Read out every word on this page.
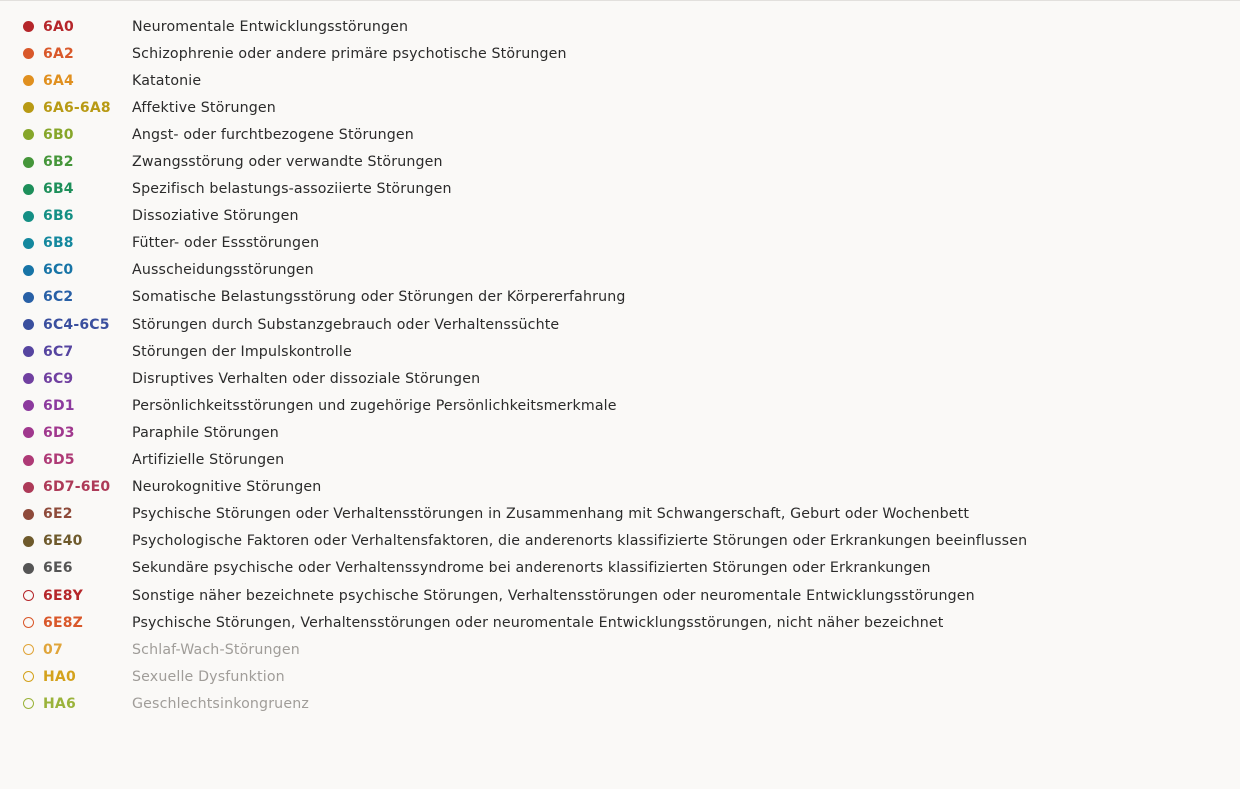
6A0	Neuromentale Entwicklungsstörungen
6A2	Schizophrenie oder andere primäre psychotische Störungen
6A4	Katatonie
6A6-6A8	Affektive Störungen
6B0	Angst- oder furchtbezogene Störungen
6B2	Zwangsstörung oder verwandte Störungen
6B4	Spezifisch belastungs-assoziierte Störungen
6B6	Dissoziative Störungen
6B8	Fütter- oder Essstörungen
6C0	Ausscheidungsstörungen
6C2	Somatische Belastungsstörung oder Störungen der Körpererfahrung
6C4-6C5	Störungen durch Substanzgebrauch oder Verhaltenssüchte
6C7	Störungen der Impulskontrolle
6C9	Disruptives Verhalten oder dissoziale Störungen
6D1	Persönlichkeitsstörungen und zugehörige Persönlichkeitsmerkmale
6D3	Paraphile Störungen
6D5	Artifizielle Störungen
6D7-6E0	Neurokognitive Störungen
6E2	Psychische Störungen oder Verhaltensstörungen in Zusammenhang mit Schwangerschaft, Geburt oder Wochenbett
6E40	Psychologische Faktoren oder Verhaltensfaktoren, die anderenorts klassifizierte Störungen oder Erkrankungen beeinflussen
6E6	Sekundäre psychische oder Verhaltenssyndrome bei anderenorts klassifizierten Störungen oder Erkrankungen
6E8Y	Sonstige näher bezeichnete psychische Störungen, Verhaltensstörungen oder neuromentale Entwicklungsstörungen
6E8Z	Psychische Störungen, Verhaltensstörungen oder neuromentale Entwicklungsstörungen, nicht näher bezeichnet
07	Schlaf-Wach-Störungen
HA0	Sexuelle Dysfunktion
HA6	Geschlechtsinkongruenz
